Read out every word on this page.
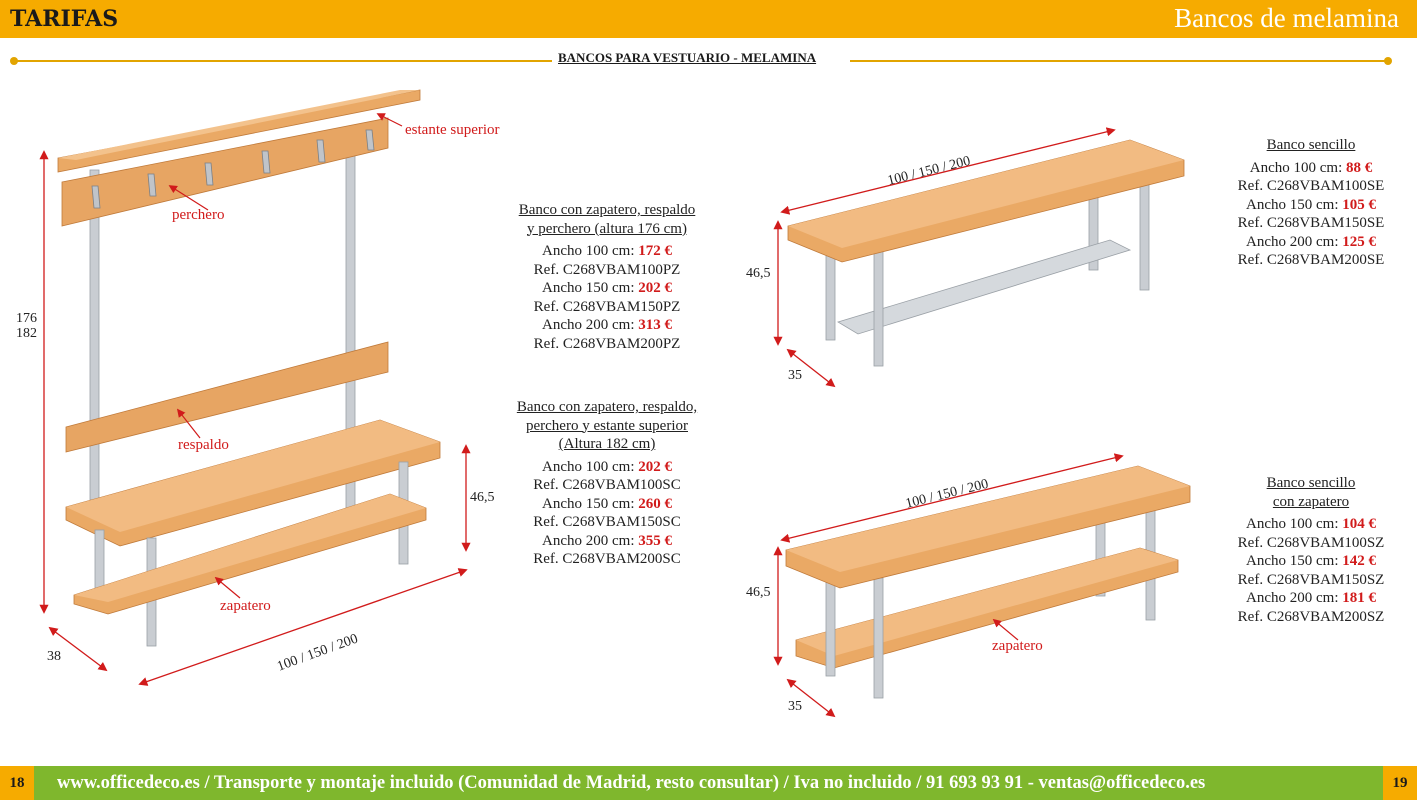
TARIFAS	Bancos de melamina
BANCOS PARA VESTUARIO - MELAMINA
estante superior
perchero
respaldo
zapatero
176
182
46,5
38	100 / 150 / 200
100 / 150 / 200
46,5
35
100 / 150 / 200
46,5
35
zapatero
Banco con zapatero, respaldo
y perchero (altura 176 cm)
Ancho 100 cm: 172 €
Ref. C268VBAM100PZ
Ancho 150 cm: 202 €
Ref. C268VBAM150PZ
Ancho 200 cm: 313 €
Ref. C268VBAM200PZ
Banco con zapatero, respaldo,
perchero y estante superior
(Altura 182 cm)
Ancho 100 cm: 202 €
Ref. C268VBAM100SC
Ancho 150 cm: 260 €
Ref. C268VBAM150SC
Ancho 200 cm: 355 €
Ref. C268VBAM200SC
Banco sencillo
Ancho 100 cm: 88 €
Ref. C268VBAM100SE
Ancho 150 cm: 105 €
Ref. C268VBAM150SE
Ancho 200 cm: 125 €
Ref. C268VBAM200SE
Banco sencillo
con zapatero
Ancho 100 cm: 104 €
Ref. C268VBAM100SZ
Ancho 150 cm: 142 €
Ref. C268VBAM150SZ
Ancho 200 cm: 181 €
Ref. C268VBAM200SZ
18	www.officedeco.es / Transporte y montaje incluido (Comunidad de Madrid, resto consultar) / Iva no incluido / 91 693 93 91 - ventas@officedeco.es	19
